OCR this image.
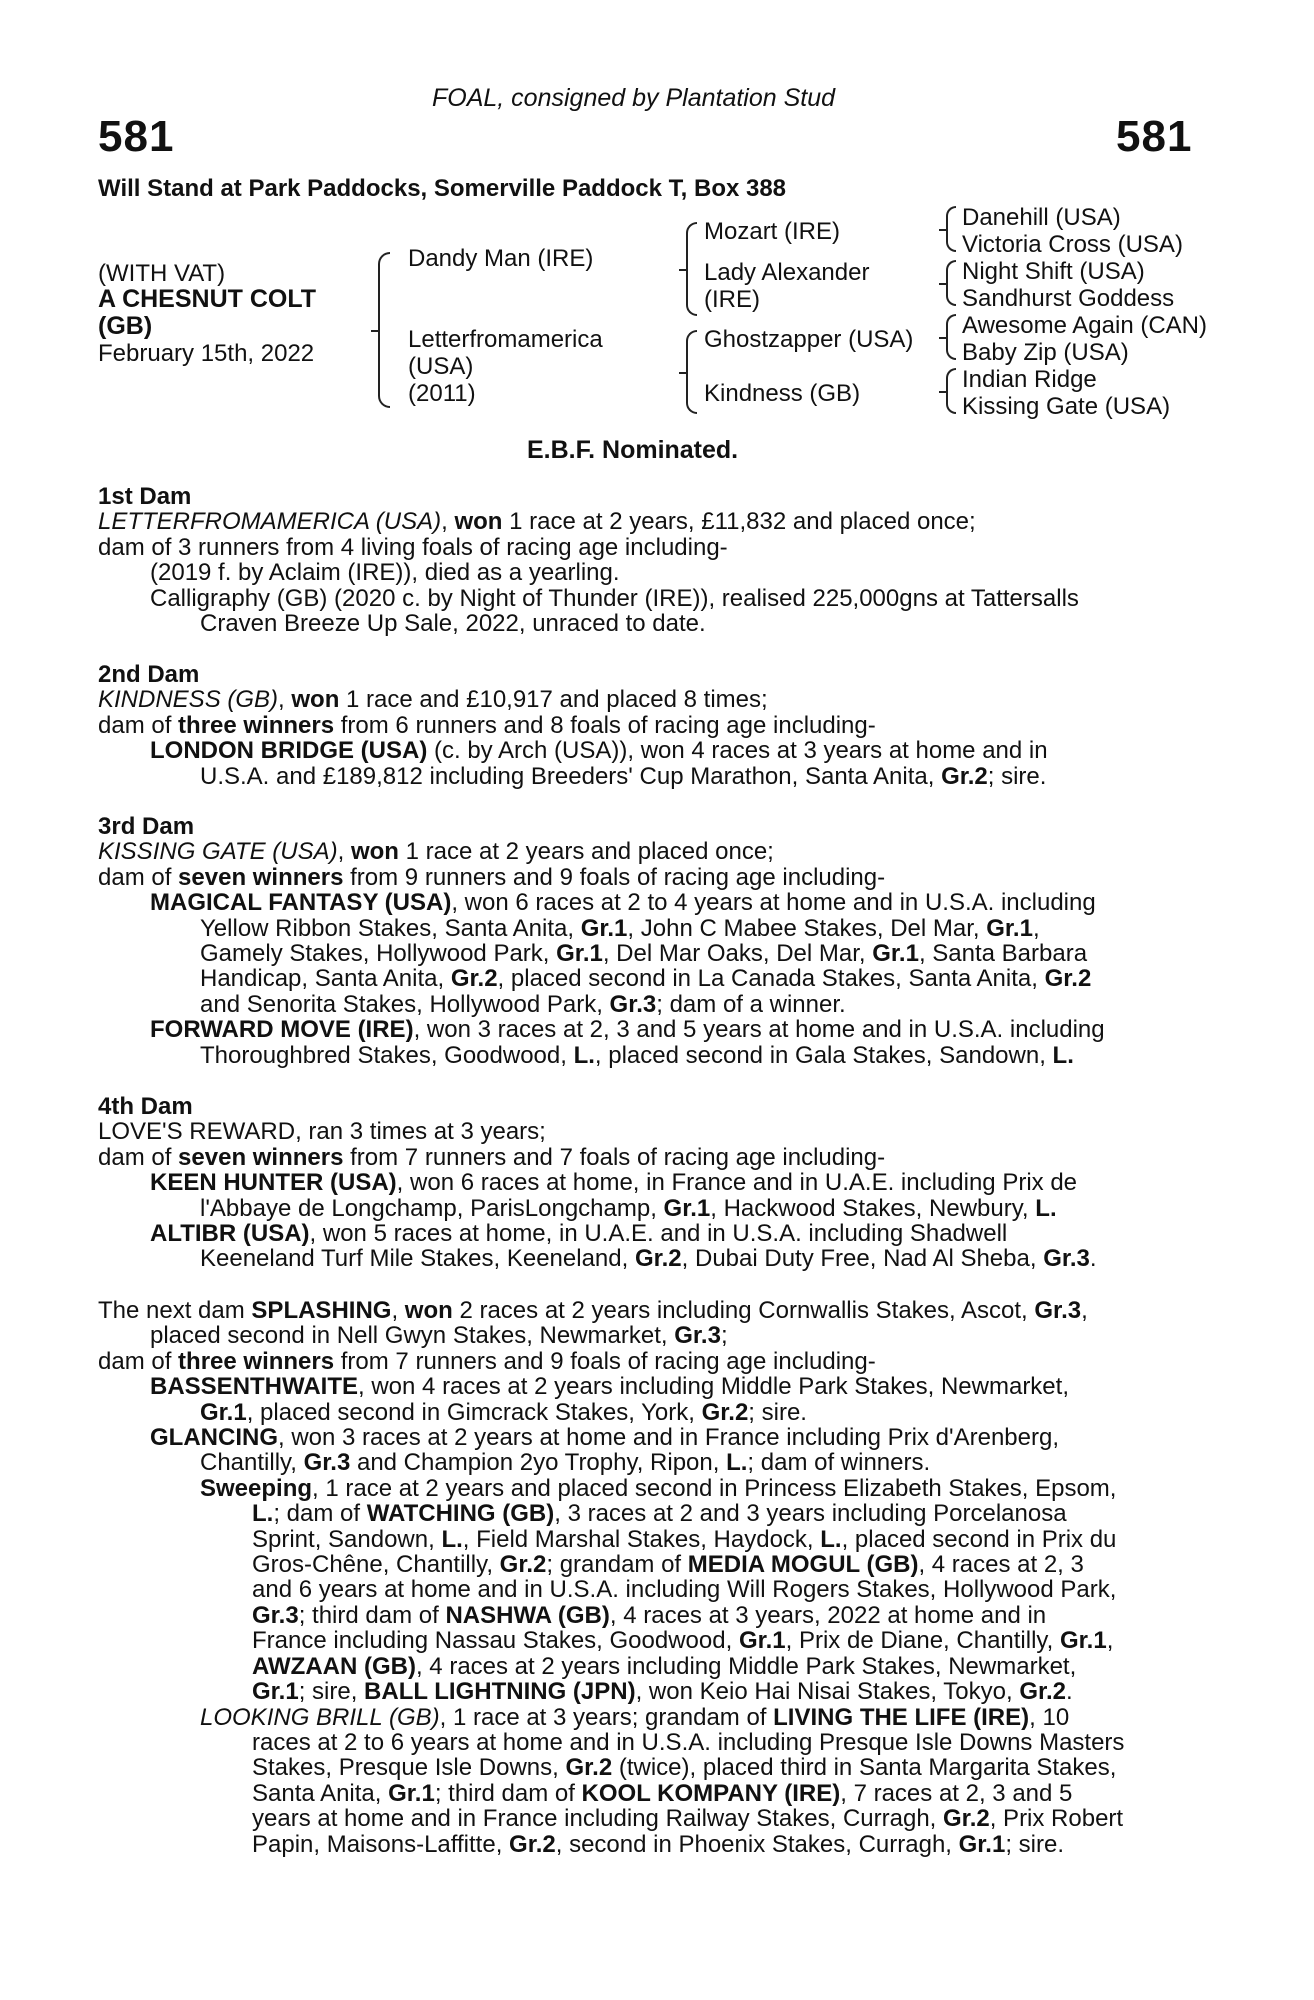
FOAL, consigned by Plantation Stud
581	581
Will Stand at Park Paddocks, Somerville Paddock T, Box 388
(WITH VAT)
A CHESNUT COLT
(GB)
February 15th, 2022
Dandy Man (IRE)
Letterfromamerica
(USA)
(2011)
Mozart (IRE)
Lady Alexander
(IRE)
Ghostzapper (USA)
Kindness (GB)
Danehill (USA)
Victoria Cross (USA)
Night Shift (USA)
Sandhurst Goddess
Awesome Again (CAN)
Baby Zip (USA)
Indian Ridge
Kissing Gate (USA)
E.B.F. Nominated.
1st Dam
LETTERFROMAMERICA (USA), won 1 race at 2 years, £11,832 and placed once;
dam of 3 runners from 4 living foals of racing age including-
(2019 f. by Aclaim (IRE)), died as a yearling.
Calligraphy (GB) (2020 c. by Night of Thunder (IRE)), realised 225,000gns at Tattersalls
Craven Breeze Up Sale, 2022, unraced to date.
2nd Dam
KINDNESS (GB), won 1 race and £10,917 and placed 8 times;
dam of three winners from 6 runners and 8 foals of racing age including-
LONDON BRIDGE (USA) (c. by Arch (USA)), won 4 races at 3 years at home and in
U.S.A. and £189,812 including Breeders' Cup Marathon, Santa Anita, Gr.2; sire.
3rd Dam
KISSING GATE (USA), won 1 race at 2 years and placed once;
dam of seven winners from 9 runners and 9 foals of racing age including-
MAGICAL FANTASY (USA), won 6 races at 2 to 4 years at home and in U.S.A. including
Yellow Ribbon Stakes, Santa Anita, Gr.1, John C Mabee Stakes, Del Mar, Gr.1,
Gamely Stakes, Hollywood Park, Gr.1, Del Mar Oaks, Del Mar, Gr.1, Santa Barbara
Handicap, Santa Anita, Gr.2, placed second in La Canada Stakes, Santa Anita, Gr.2
and Senorita Stakes, Hollywood Park, Gr.3; dam of a winner.
FORWARD MOVE (IRE), won 3 races at 2, 3 and 5 years at home and in U.S.A. including
Thoroughbred Stakes, Goodwood, L., placed second in Gala Stakes, Sandown, L.
4th Dam
LOVE'S REWARD, ran 3 times at 3 years;
dam of seven winners from 7 runners and 7 foals of racing age including-
KEEN HUNTER (USA), won 6 races at home, in France and in U.A.E. including Prix de
l'Abbaye de Longchamp, ParisLongchamp, Gr.1, Hackwood Stakes, Newbury, L.
ALTIBR (USA), won 5 races at home, in U.A.E. and in U.S.A. including Shadwell
Keeneland Turf Mile Stakes, Keeneland, Gr.2, Dubai Duty Free, Nad Al Sheba, Gr.3.
The next dam SPLASHING, won 2 races at 2 years including Cornwallis Stakes, Ascot, Gr.3,
placed second in Nell Gwyn Stakes, Newmarket, Gr.3;
dam of three winners from 7 runners and 9 foals of racing age including-
BASSENTHWAITE, won 4 races at 2 years including Middle Park Stakes, Newmarket,
Gr.1, placed second in Gimcrack Stakes, York, Gr.2; sire.
GLANCING, won 3 races at 2 years at home and in France including Prix d'Arenberg,
Chantilly, Gr.3 and Champion 2yo Trophy, Ripon, L.; dam of winners.
Sweeping, 1 race at 2 years and placed second in Princess Elizabeth Stakes, Epsom,
L.; dam of WATCHING (GB), 3 races at 2 and 3 years including Porcelanosa
Sprint, Sandown, L., Field Marshal Stakes, Haydock, L., placed second in Prix du
Gros-Chêne, Chantilly, Gr.2; grandam of MEDIA MOGUL (GB), 4 races at 2, 3
and 6 years at home and in U.S.A. including Will Rogers Stakes, Hollywood Park,
Gr.3; third dam of NASHWA (GB), 4 races at 3 years, 2022 at home and in
France including Nassau Stakes, Goodwood, Gr.1, Prix de Diane, Chantilly, Gr.1,
AWZAAN (GB), 4 races at 2 years including Middle Park Stakes, Newmarket,
Gr.1; sire, BALL LIGHTNING (JPN), won Keio Hai Nisai Stakes, Tokyo, Gr.2.
LOOKING BRILL (GB), 1 race at 3 years; grandam of LIVING THE LIFE (IRE), 10
races at 2 to 6 years at home and in U.S.A. including Presque Isle Downs Masters
Stakes, Presque Isle Downs, Gr.2 (twice), placed third in Santa Margarita Stakes,
Santa Anita, Gr.1; third dam of KOOL KOMPANY (IRE), 7 races at 2, 3 and 5
years at home and in France including Railway Stakes, Curragh, Gr.2, Prix Robert
Papin, Maisons-Laffitte, Gr.2, second in Phoenix Stakes, Curragh, Gr.1; sire.
